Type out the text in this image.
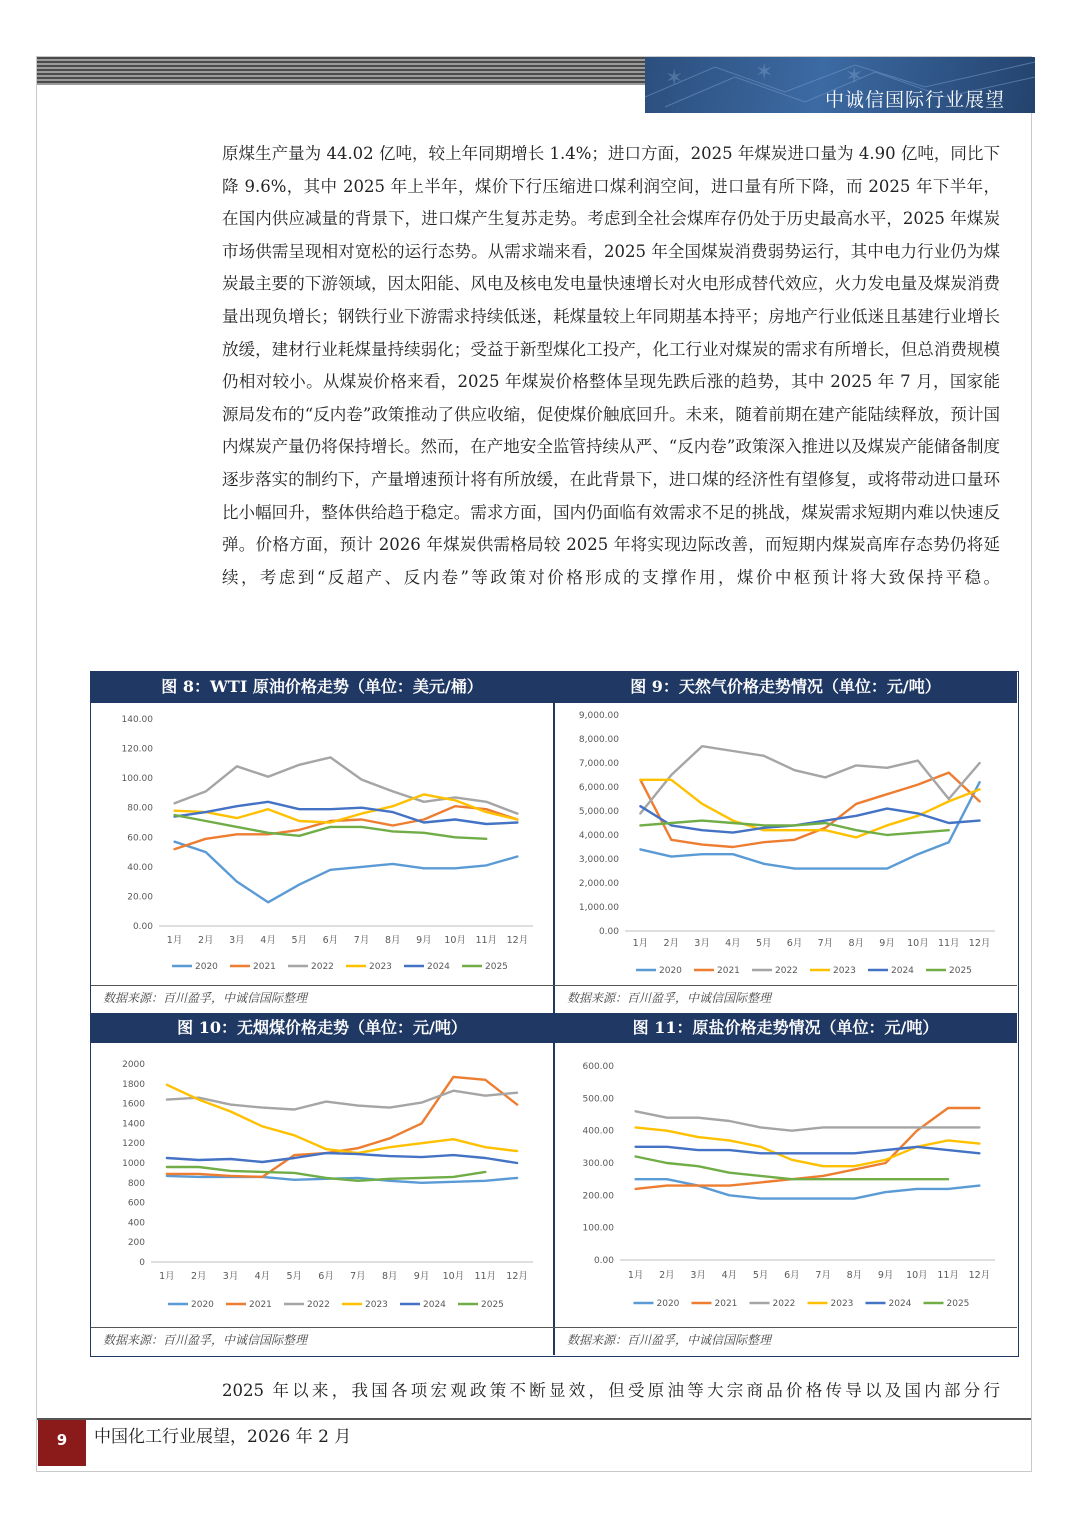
✶	✶	✶
中诚信国际行业展望

原煤生产量为 44.02 亿吨，较上年同期增长 1.4%；进口方面，2025 年煤炭进口量为 4.90 亿吨，同比下降 9.6%，其中 2025 年上半年，煤价下行压缩进口煤利润空间，进口量有所下降，而 2025 年下半年，在国内供应减量的背景下，进口煤产生复苏走势。考虑到全社会煤库存仍处于历史最高水平，2025 年煤炭市场供需呈现相对宽松的运行态势。从需求端来看，2025 年全国煤炭消费弱势运行，其中电力行业仍为煤炭最主要的下游领域，因太阳能、风电及核电发电量快速增长对火电形成替代效应，火力发电量及煤炭消费量出现负增长；钢铁行业下游需求持续低迷，耗煤量较上年同期基本持平；房地产行业低迷且基建行业增长放缓，建材行业耗煤量持续弱化；受益于新型煤化工投产，化工行业对煤炭的需求有所增长，但总消费规模仍相对较小。从煤炭价格来看，2025 年煤炭价格整体呈现先跌后涨的趋势，其中 2025 年 7 月，国家能源局发布的“反内卷”政策推动了供应收缩，促使煤价触底回升。未来，随着前期在建产能陆续释放，预计国内煤炭产量仍将保持增长。然而，在产地安全监管持续从严、“反内卷”政策深入推进以及煤炭产能储备制度逐步落实的制约下，产量增速预计将有所放缓，在此背景下，进口煤的经济性有望修复，或将带动进口量环比小幅回升，整体供给趋于稳定。需求方面，国内仍面临有效需求不足的挑战，煤炭需求短期内难以快速反弹。价格方面，预计 2026 年煤炭供需格局较 2025 年将实现边际改善，而短期内煤炭高库存态势仍将延续，考虑到“反超产、反内卷”等政策对价格形成的支撑作用，煤价中枢预计将大致保持平稳。

图 8：WTI 原油价格走势（单位：美元/桶）	图 9：天然气价格走势情况（单位：元/吨）
0.00
20.00
40.00
60.00
80.00
100.00
120.00
140.00
1月 2月 3月 4月 5月 6月 7月 8月 9月 10月 11月 12月
2020	2021	2022	2023	2024	2025
0.00
1,000.00
2,000.00
3,000.00
4,000.00
5,000.00
6,000.00
7,000.00
8,000.00
9,000.00
1月 2月 3月 4月 5月 6月 7月 8月 9月 10月 11月 12月
2020	2021	2022	2023	2024	2025
数据来源：百川盈孚，中诚信国际整理	数据来源：百川盈孚，中诚信国际整理
图 10：无烟煤价格走势（单位：元/吨）	图 11：原盐价格走势情况（单位：元/吨）
0
200
400
600
800
1000
1200
1400
1600
1800
2000
1月 2月 3月 4月 5月 6月 7月 8月 9月 10月 11月 12月
2020	2021	2022	2023	2024	2025
0.00
100.00
200.00
300.00
400.00
500.00
600.00
1月 2月 3月 4月 5月 6月 7月 8月 9月 10月 11月 12月
2020	2021	2022	2023	2024	2025
数据来源：百川盈孚，中诚信国际整理	数据来源：百川盈孚，中诚信国际整理

2025 年以来，我国各项宏观政策不断显效，但受原油等大宗商品价格传导以及国内部分行

9	中国化工行业展望，2026 年 2 月
